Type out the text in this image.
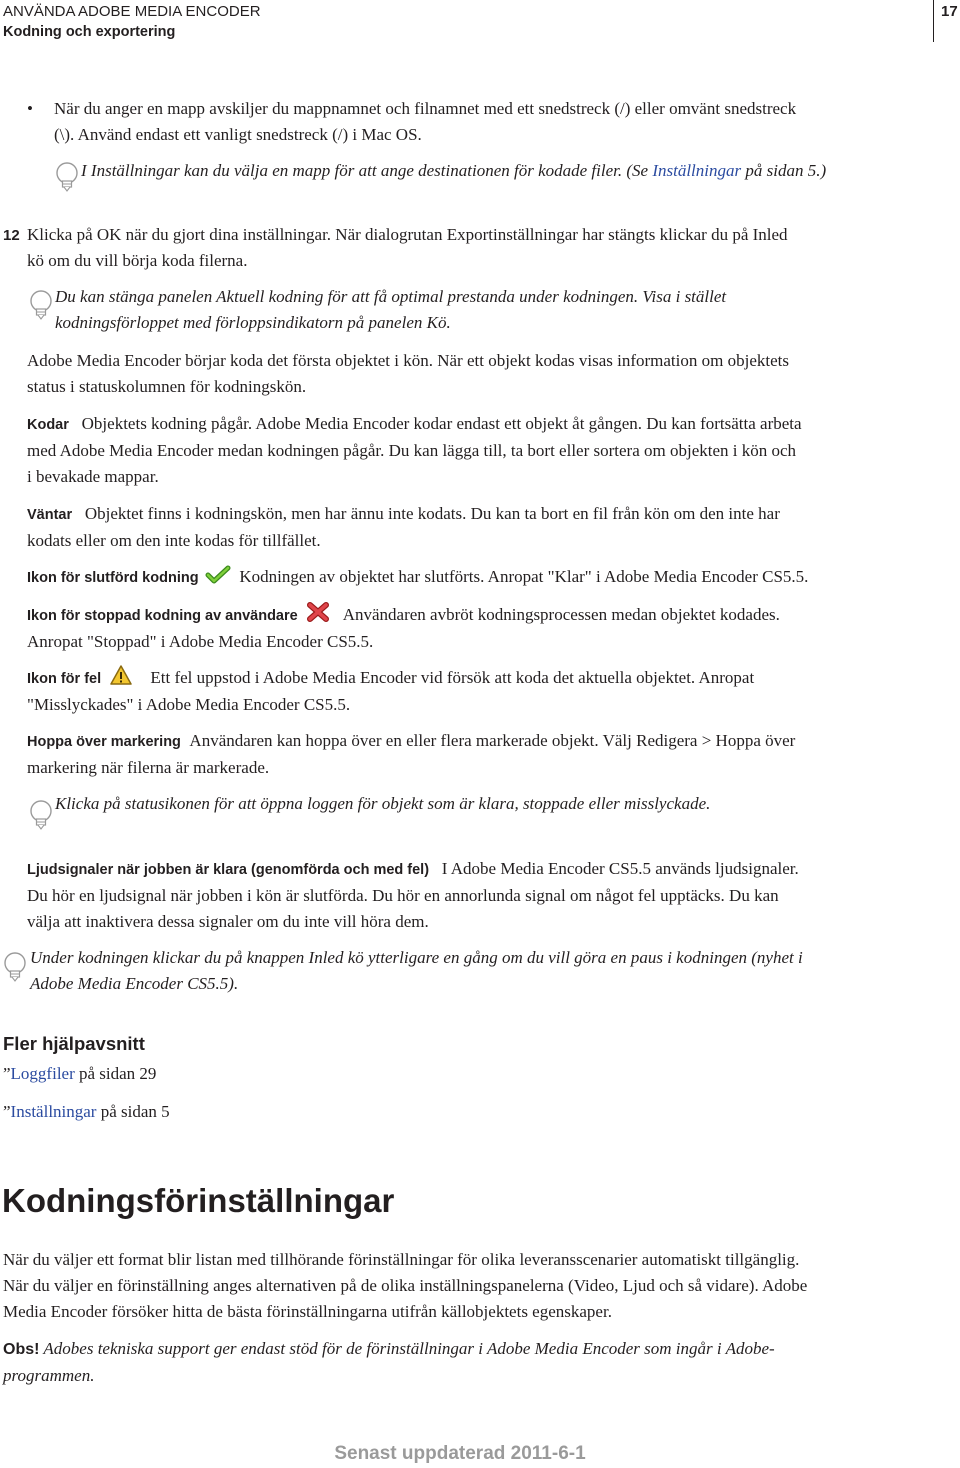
ANVÄNDA ADOBE MEDIA ENCODER
Kodning och exportering
17
• När du anger en mapp avskiljer du mappnamnet och filnamnet med ett snedstreck (/) eller omvänt snedstreck
(\). Använd endast ett vanligt snedstreck (/) i Mac OS.
I Inställningar kan du välja en mapp för att ange destinationen för kodade filer. (Se Inställningar på sidan 5.)
12 Klicka på OK när du gjort dina inställningar. När dialogrutan Exportinställningar har stängts klickar du på Inled
kö om du vill börja koda filerna.
Du kan stänga panelen Aktuell kodning för att få optimal prestanda under kodningen. Visa i stället
kodningsförloppet med förloppsindikatorn på panelen Kö.
Adobe Media Encoder börjar koda det första objektet i kön. När ett objekt kodas visas information om objektets
status i statuskolumnen för kodningskön.
Kodar Objektets kodning pågår. Adobe Media Encoder kodar endast ett objekt åt gången. Du kan fortsätta arbeta
med Adobe Media Encoder medan kodningen pågår. Du kan lägga till, ta bort eller sortera om objekten i kön och
i bevakade mappar.
Väntar Objektet finns i kodningskön, men har ännu inte kodats. Du kan ta bort en fil från kön om den inte har
kodats eller om den inte kodas för tillfället.
Ikon för slutförd kodning Kodningen av objektet har slutförts. Anropat "Klar" i Adobe Media Encoder CS5.5.
Ikon för stoppad kodning av användare	Användaren avbröt kodningsprocessen medan objektet kodades.
Anropat "Stoppad" i Adobe Media Encoder CS5.5.
Ikon för fel	Ett fel uppstod i Adobe Media Encoder vid försök att koda det aktuella objektet. Anropat
"Misslyckades" i Adobe Media Encoder CS5.5.
Hoppa över markering Användaren kan hoppa över en eller flera markerade objekt. Välj Redigera > Hoppa över
markering när filerna är markerade.
Klicka på statusikonen för att öppna loggen för objekt som är klara, stoppade eller misslyckade.
Ljudsignaler när jobben är klara (genomförda och med fel) I Adobe Media Encoder CS5.5 används ljudsignaler.
Du hör en ljudsignal när jobben i kön är slutförda. Du hör en annorlunda signal om något fel upptäcks. Du kan
välja att inaktivera dessa signaler om du inte vill höra dem.
Under kodningen klickar du på knappen Inled kö ytterligare en gång om du vill göra en paus i kodningen (nyhet i
Adobe Media Encoder CS5.5).
Fler hjälpavsnitt
”Loggfiler på sidan 29
”Inställningar på sidan 5
Kodningsförinställningar
När du väljer ett format blir listan med tillhörande förinställningar för olika leveransscenarier automatiskt tillgänglig.
När du väljer en förinställning anges alternativen på de olika inställningspanelerna (Video, Ljud och så vidare). Adobe
Media Encoder försöker hitta de bästa förinställningarna utifrån källobjektets egenskaper.
Obs! Adobes tekniska support ger endast stöd för de förinställningar i Adobe Media Encoder som ingår i Adobe-
programmen.
Senast uppdaterad 2011-6-1
